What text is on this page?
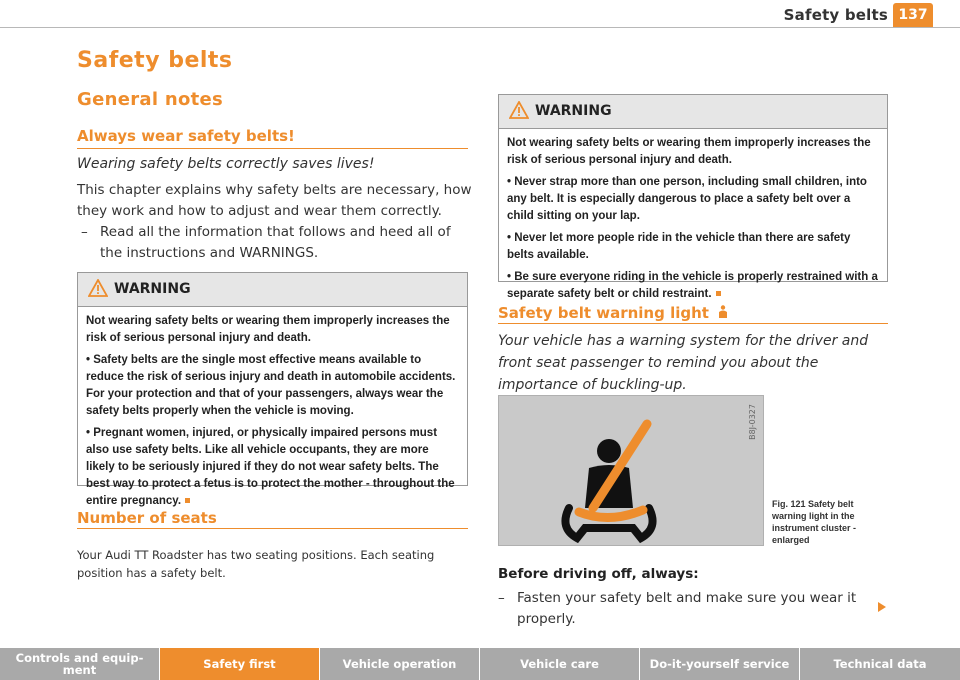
Safety belts 137
Safety belts
General notes
Always wear safety belts!
Wearing safety belts correctly saves lives!
This chapter explains why safety belts are necessary, how they work and how to adjust and wear them correctly.
– Read all the information that follows and heed all of the instructions and WARNINGS.
WARNING

Not wearing safety belts or wearing them improperly increases the risk of serious personal injury and death.

• Safety belts are the single most effective means available to reduce the risk of serious injury and death in automobile accidents. For your protection and that of your passengers, always wear the safety belts properly when the vehicle is moving.

• Pregnant women, injured, or physically impaired persons must also use safety belts. Like all vehicle occupants, they are more likely to be seriously injured if they do not wear safety belts. The best way to protect a fetus is to protect the mother - throughout the entire pregnancy.

Number of seats
Your Audi TT Roadster has two seating positions. Each seating position has a safety belt.
WARNING

Not wearing safety belts or wearing them improperly increases the risk of serious personal injury and death.

• Never strap more than one person, including small children, into any belt. It is especially dangerous to place a safety belt over a child sitting on your lap.

• Never let more people ride in the vehicle than there are safety belts available.

• Be sure everyone riding in the vehicle is properly restrained with a separate safety belt or child restraint.

Safety belt warning light
Your vehicle has a warning system for the driver and front seat passenger to remind you about the importance of buckling-up.
B8J-0327
Fig. 121 Safety belt warning light in the instrument cluster - enlarged
Before driving off, always:
– Fasten your safety belt and make sure you wear it properly.
Controls and equip-
ment	Safety first	Vehicle operation	Vehicle care	Do-it-yourself service	Technical data
